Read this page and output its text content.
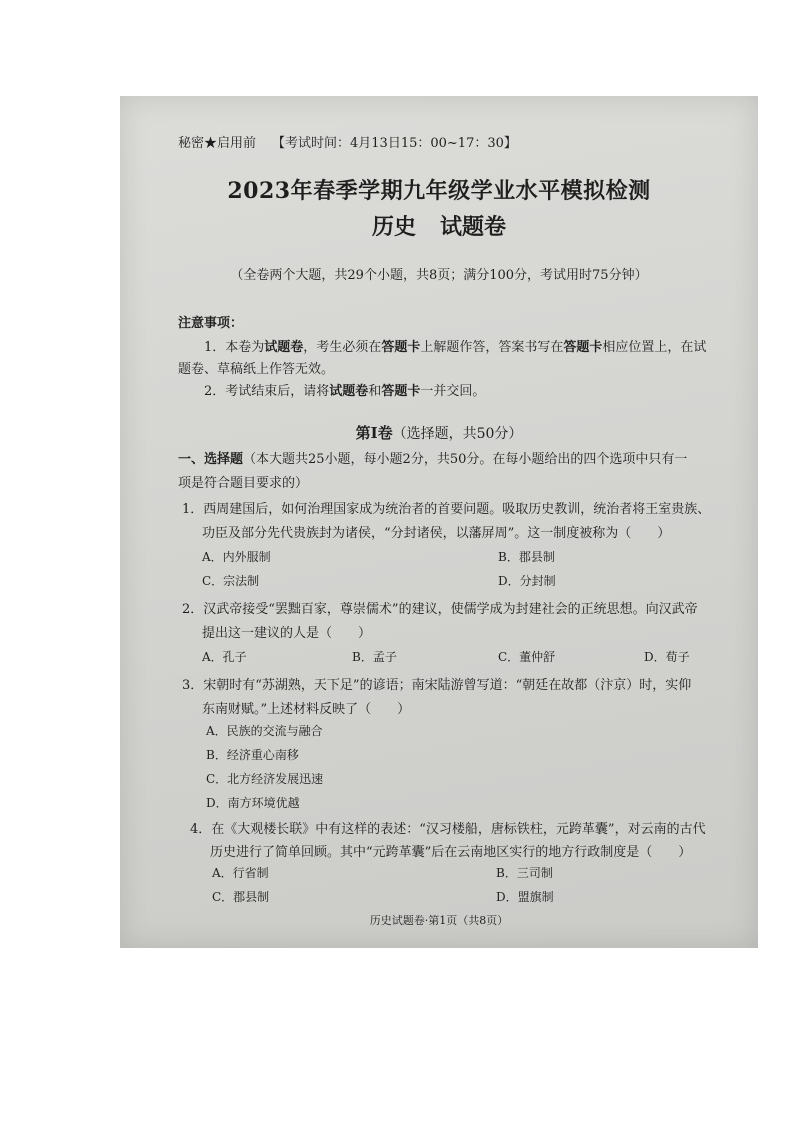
秘密★启用前 【考试时间：4月13日15：00~17：30】
2023年春季学期九年级学业水平模拟检测
历史 试题卷
（全卷两个大题，共29个小题，共8页；满分100分，考试用时75分钟）
注意事项：
1．本卷为试题卷，考生必须在答题卡上解题作答，答案书写在答题卡相应位置上，在试
题卷、草稿纸上作答无效。
2．考试结束后，请将试题卷和答题卡一并交回。
第Ⅰ卷（选择题，共50分）
一、选择题（本大题共25小题，每小题2分，共50分。在每小题给出的四个选项中只有一
项是符合题目要求的）
1．西周建国后，如何治理国家成为统治者的首要问题。吸取历史教训，统治者将王室贵族、
功臣及部分先代贵族封为诸侯，“分封诸侯，以藩屏周”。这一制度被称为（　　）
A．内外服制	B．郡县制
C．宗法制	D．分封制
2．汉武帝接受“罢黜百家，尊崇儒术”的建议，使儒学成为封建社会的正统思想。向汉武帝
提出这一建议的人是（　　）
A．孔子	B．孟子	C．董仲舒	D．荀子
3．宋朝时有“苏湖熟，天下足”的谚语；南宋陆游曾写道：“朝廷在故都（汴京）时，实仰
东南财赋。”上述材料反映了（　　）
A．民族的交流与融合
B．经济重心南移
C．北方经济发展迅速
D．南方环境优越
4．在《大观楼长联》中有这样的表述：“汉习楼船，唐标铁柱，元跨革囊”，对云南的古代
历史进行了简单回顾。其中“元跨革囊”后在云南地区实行的地方行政制度是（　　）
A．行省制	B．三司制
C．郡县制	D．盟旗制
历史试题卷·第1页（共8页）
